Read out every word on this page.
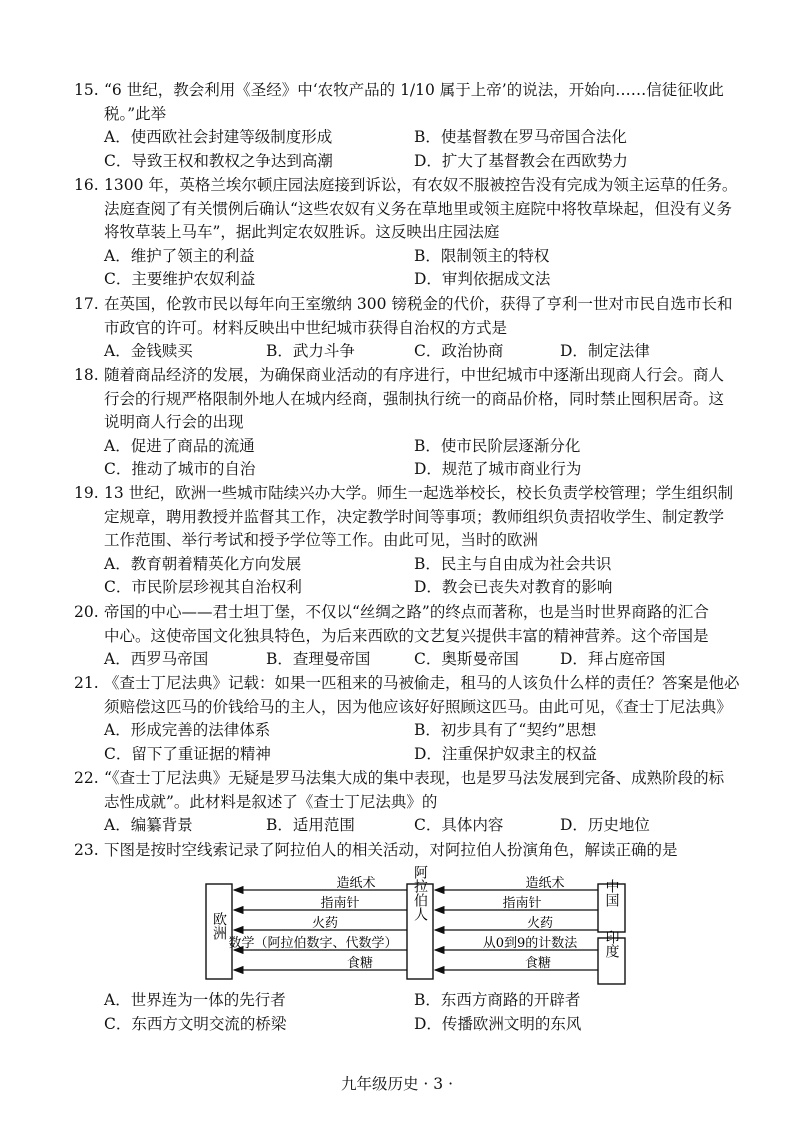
15. “6 世纪，教会利用《圣经》中‘农牧产品的 1/10 属于上帝’的说法，开始向……信徒征收此
税。”此举
A．使西欧社会封建等级制度形成	B．使基督教在罗马帝国合法化
C．导致王权和教权之争达到高潮	D．扩大了基督教会在西欧势力
16. 1300 年，英格兰埃尔顿庄园法庭接到诉讼，有农奴不服被控告没有完成为领主运草的任务。
法庭查阅了有关惯例后确认“这些农奴有义务在草地里或领主庭院中将牧草垛起，但没有义务
将牧草装上马车”，据此判定农奴胜诉。这反映出庄园法庭
A．维护了领主的利益	B．限制领主的特权
C．主要维护农奴利益	D．审判依据成文法
17. 在英国，伦敦市民以每年向王室缴纳 300 镑税金的代价，获得了亨利一世对市民自选市长和
市政官的许可。材料反映出中世纪城市获得自治权的方式是
A．金钱赎买	B．武力斗争	C．政治协商	D．制定法律
18. 随着商品经济的发展，为确保商业活动的有序进行，中世纪城市中逐渐出现商人行会。商人
行会的行规严格限制外地人在城内经商，强制执行统一的商品价格，同时禁止囤积居奇。这
说明商人行会的出现
A．促进了商品的流通	B．使市民阶层逐渐分化
C．推动了城市的自治	D．规范了城市商业行为
19. 13 世纪，欧洲一些城市陆续兴办大学。师生一起选举校长，校长负责学校管理；学生组织制
定规章，聘用教授并监督其工作，决定教学时间等事项；教师组织负责招收学生、制定教学
工作范围、举行考试和授予学位等工作。由此可见，当时的欧洲
A．教育朝着精英化方向发展	B．民主与自由成为社会共识
C．市民阶层珍视其自治权利	D．教会已丧失对教育的影响
20. 帝国的中心——君士坦丁堡，不仅以“丝绸之路”的终点而著称，也是当时世界商路的汇合
中心。这使帝国文化独具特色，为后来西欧的文艺复兴提供丰富的精神营养。这个帝国是
A．西罗马帝国	B．查理曼帝国	C．奥斯曼帝国	D．拜占庭帝国
21. 《查士丁尼法典》记载：如果一匹租来的马被偷走，租马的人该负什么样的责任？答案是他必
须赔偿这匹马的价钱给马的主人，因为他应该好好照顾这匹马。由此可见，《查士丁尼法典》
A．形成完善的法律体系	B．初步具有了“契约”思想
C．留下了重证据的精神	D．注重保护奴隶主的权益
22. “《查士丁尼法典》无疑是罗马法集大成的集中表现，也是罗马法发展到完备、成熟阶段的标
志性成就”。此材料是叙述了《查士丁尼法典》的
A．编纂背景	B．适用范围	C．具体内容	D．历史地位
23. 下图是按时空线索记录了阿拉伯人的相关活动，对阿拉伯人扮演角色，解读正确的是
欧洲
阿拉伯人	中国
印度
造纸术
指南针
火药
数学（阿拉伯数字、代数学）
食糖
造纸术
指南针
火药
从0到9的计数法
食糖
A．世界连为一体的先行者	B．东西方商路的开辟者
C．东西方文明交流的桥梁	D．传播欧洲文明的东风
九年级历史 · 3 ·
